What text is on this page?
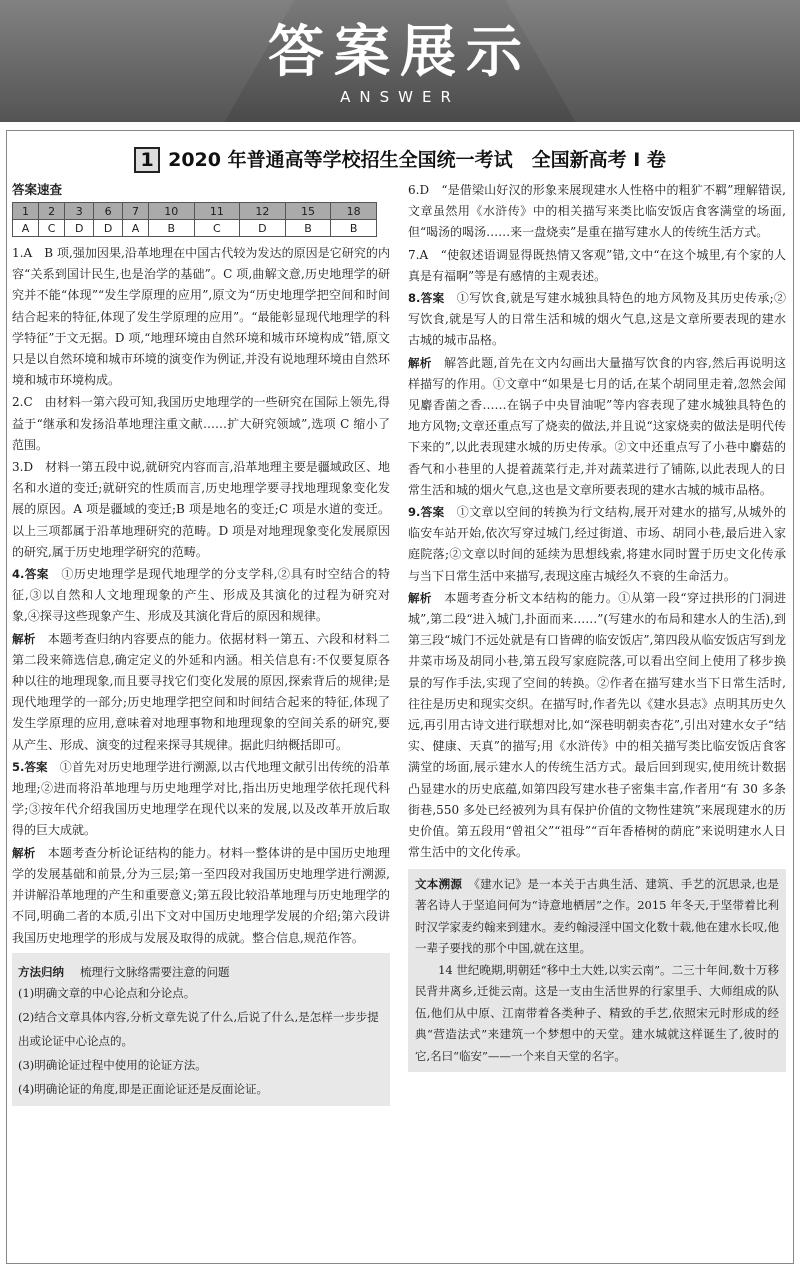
答案展示
ANSWER
1 2020 年普通高等学校招生全国统一考试　全国新高考 Ⅰ 卷
答案速查
1	2	3	6	7	10	11	12	15	18
A	C	D	D	A	B	C	D	B	B

1.A　B 项,强加因果,沿革地理在中国古代较为发达的原因是它研究的内容“关系到国计民生,也是治学的基础”。C 项,曲解文意,历史地理学的研究并不能“体现”“发生学原理的应用”,原文为“历史地理学把空间和时间结合起来的特征,体现了发生学原理的应用”。“最能彰显现代地理学的科学特征”于文无据。D 项,“地理环境由自然环境和城市环境构成”错,原文只是以自然环境和城市环境的演变作为例证,并没有说地理环境由自然环境和城市环境构成。

2.C　由材料一第六段可知,我国历史地理学的一些研究在国际上领先,得益于“继承和发扬沿革地理注重文献……扩大研究领域”,选项 C 缩小了范围。

3.D　材料一第五段中说,就研究内容而言,沿革地理主要是疆域政区、地名和水道的变迁;就研究的性质而言,历史地理学要寻找地理现象变化发展的原因。A 项是疆域的变迁;B 项是地名的变迁;C 项是水道的变迁。以上三项都属于沿革地理研究的范畴。D 项是对地理现象变化发展原因的研究,属于历史地理学研究的范畴。

4.答案　 ①历史地理学是现代地理学的分支学科,②具有时空结合的特征,③以自然和人文地理现象的产生、形成及其演化的过程为研究对象,④探寻这些现象产生、形成及其演化背后的原因和规律。

解析　 本题考查归纳内容要点的能力。依据材料一第五、六段和材料二第二段来筛选信息,确定定义的外延和内涵。相关信息有:不仅要复原各种以往的地理现象,而且要寻找它们变化发展的原因,探索背后的规律;是现代地理学的一部分;历史地理学把空间和时间结合起来的特征,体现了发生学原理的应用,意味着对地理事物和地理现象的空间关系的研究,要从产生、形成、演变的过程来探寻其规律。据此归纳概括即可。

5.答案　 ①首先对历史地理学进行溯源,以古代地理文献引出传统的沿革地理;②进而将沿革地理与历史地理学对比,指出历史地理学依托现代科学;③按年代介绍我国历史地理学在现代以来的发展,以及改革开放后取得的巨大成就。

解析　 本题考查分析论证结构的能力。材料一整体讲的是中国历史地理学的发展基础和前景,分为三层;第一至四段对我国历史地理学进行溯源,并讲解沿革地理的产生和重要意义;第五段比较沿革地理与历史地理学的不同,明确二者的本质,引出下文对中国历史地理学发展的介绍;第六段讲我国历史地理学的形成与发展及取得的成就。整合信息,规范作答。

方法归纳　 梳理行文脉络需要注意的问题

(1)明确文章的中心论点和分论点。

(2)结合文章具体内容,分析文章先说了什么,后说了什么,是怎样一步步提出或论证中心论点的。

(3)明确论证过程中使用的论证方法。

(4)明确论证的角度,即是正面论证还是反面论证。

6.D　“是借梁山好汉的形象来展现建水人性格中的粗犷不羁”理解错误,文章虽然用《水浒传》中的相关描写来类比临安饭店食客满堂的场面,但“喝汤的喝汤……来一盘烧卖”是重在描写建水人的传统生活方式。

7.A　“使叙述语调显得既热情又客观”错,文中“在这个城里,有个家的人真是有福啊”等是有感情的主观表述。

8.答案　 ①写饮食,就是写建水城独具特色的地方风物及其历史传承;②写饮食,就是写人的日常生活和城的烟火气息,这是文章所要表现的建水古城的城市品格。

解析　 解答此题,首先在文内勾画出大量描写饮食的内容,然后再说明这样描写的作用。①文章中“如果是七月的话,在某个胡同里走着,忽然会闻见麝香菌之香……在锅子中央冒油呢”等内容表现了建水城独具特色的地方风物;文章还重点写了烧卖的做法,并且说“这家烧卖的做法是明代传下来的”,以此表现建水城的历史传承。②文中还重点写了小巷中麝菇的香气和小巷里的人提着蔬菜行走,并对蔬菜进行了铺陈,以此表现人的日常生活和城的烟火气息,这也是文章所要表现的建水古城的城市品格。

9.答案　 ①文章以空间的转换为行文结构,展开对建水的描写,从城外的临安车站开始,依次写穿过城门,经过街道、市场、胡同小巷,最后进入家庭院落;②文章以时间的延续为思想线索,将建水同时置于历史文化传承与当下日常生活中来描写,表现这座古城经久不衰的生命活力。

解析　 本题考查分析文本结构的能力。①从第一段“穿过拱形的门洞进城”,第二段“进入城门,扑面而来……”(写建水的布局和建水人的生活),到第三段“城门不远处就是有口皆碑的临安饭店”,第四段从临安饭店写到龙井菜市场及胡同小巷,第五段写家庭院落,可以看出空间上使用了移步换景的写作手法,实现了空间的转换。②作者在描写建水当下日常生活时,往往是历史和现实交织。在描写时,作者先以《建水县志》点明其历史久远,再引用古诗文进行联想对比,如“深巷明朝卖杏花”,引出对建水女子“结实、健康、天真”的描写;用《水浒传》中的相关描写类比临安饭店食客满堂的场面,展示建水人的传统生活方式。最后回到现实,使用统计数据凸显建水的历史底蕴,如第四段写建水巷子密集丰富,作者用“有 30 多条街巷,550 多处已经被列为具有保护价值的文物性建筑”来展现建水的历史价值。第五段用“曾祖父”“祖母”“百年香椿树的荫庇”来说明建水人日常生活中的文化传承。

文本溯源　 《建水记》是一本关于古典生活、建筑、手艺的沉思录,也是著名诗人于坚追问何为“诗意地栖居”之作。2015 年冬天,于坚带着比利时汉学家麦约翰来到建水。麦约翰浸淫中国文化数十载,他在建水长叹,他一辈子要找的那个中国,就在这里。

　　14 世纪晚期,明朝廷“移中土大姓,以实云南”。二三十年间,数十万移民背井离乡,迁徙云南。这是一支由生活世界的行家里手、大师组成的队伍,他们从中原、江南带着各类种子、精致的手艺,依照宋元时形成的经典“营造法式”来建筑一个梦想中的天堂。建水城就这样诞生了,彼时的它,名曰“临安”——一个来自天堂的名字。
